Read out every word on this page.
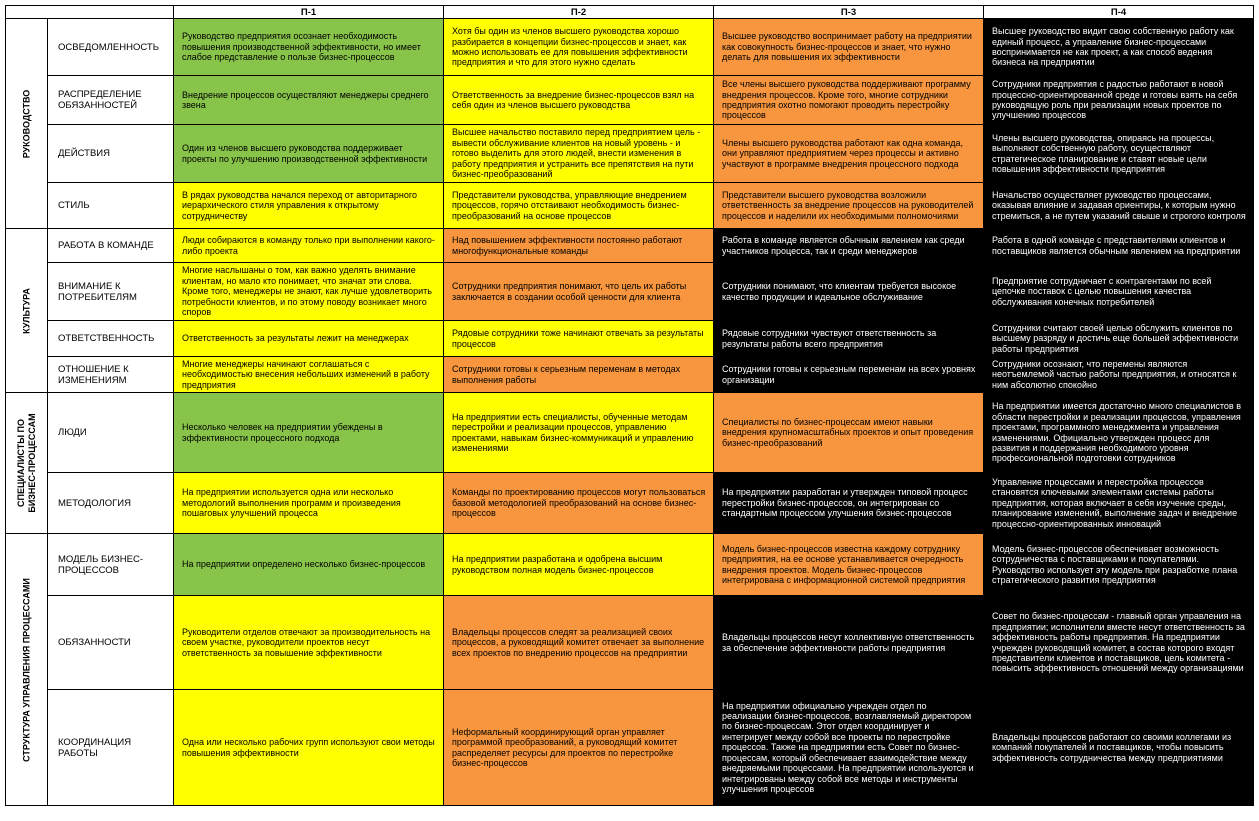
		П-1	П-2	П-3	П-4

РУКОВОДСТВО	ОСВЕДОМЛЕННОСТЬ	Руководство предприятия осознает необходимость повышения производственной эффективности, но имеет слабое представление о пользе бизнес-процессов	Хотя бы один из членов высшего руководства хорошо разбирается в концепции бизнес-процессов и знает, как можно использовать ее для повышения эффективности предприятия и что для этого нужно сделать	Высшее руководство воспринимает работу на предприятии как совокупность бизнес-процессов и знает, что нужно делать для повышения их эффективности	Высшее руководство видит свою собственную работу как единый процесс, а управление бизнес-процессами воспринимается не как проект, а как способ ведения бизнеса на предприятии
	РАСПРЕДЕЛЕНИЕ ОБЯЗАННОСТЕЙ	Внедрение процессов осуществляют менеджеры среднего звена	Ответственность за внедрение бизнес-процессов взял на себя один из членов высшего руководства	Все члены высшего руководства поддерживают программу внедрения процессов. Кроме того, многие сотрудники предприятия охотно помогают проводить перестройку процессов	Сотрудники предприятия с радостью работают в новой процессно-ориентированной среде и готовы взять на себя руководящую роль при реализации новых проектов по улучшению процессов
	ДЕЙСТВИЯ	Один из членов высшего руководства поддерживает проекты по улучшению производственной эффективности	Высшее начальство поставило перед предприятием цель - вывести обслуживание клиентов на новый уровень - и готово выделить для этого людей, внести изменения в работу предприятия и устранить все препятствия на пути бизнес-преобразований	Члены высшего руководства работают как одна команда, они управляют предприятием через процессы и активно участвуют в программе внедрения процессного подхода	Члены высшего руководства, опираясь на процессы, выполняют собственную работу, осуществляют стратегическое планирование и ставят новые цели повышения эффективности предприятия
	СТИЛЬ	В рядах руководства начался переход от авторитарного иерархического стиля управления к открытому сотрудничеству	Представители руководства, управляющие внедрением процессов, горячо отстаивают необходимость бизнес-преобразований на основе процессов	Представители высшего руководства возложили ответственность за внедрение процессов на руководителей процессов и наделили их необходимыми полномочиями	Начальство осуществляет руководство процессами, оказывая влияние и задавая ориентиры, к которым нужно стремиться, а не путем указаний свыше и строгого контроля

КУЛЬТУРА	РАБОТА В КОМАНДЕ	Люди собираются в команду только при выполнении какого-либо проекта	Над повышением эффективности постоянно работают многофункциональные команды	Работа в команде является обычным явлением как среди участников процесса, так и среди менеджеров	Работа в одной команде с представителями клиентов и поставщиков является обычным явлением на предприятии
	ВНИМАНИЕ К ПОТРЕБИТЕЛЯМ	Многие наслышаны о том, как важно уделять внимание клиентам, но мало кто понимает, что значат эти слова. Кроме того, менеджеры не знают, как лучше удовлетворить потребности клиентов, и по этому поводу возникает много споров	Сотрудники предприятия понимают, что цель их работы заключается в создании особой ценности для клиента	Сотрудники понимают, что клиентам требуется высокое качество продукции и идеальное обслуживание	Предприятие сотрудничает с контрагентами по всей цепочке поставок с целью повышения качества обслуживания конечных потребителей
	ОТВЕТСТВЕННОСТЬ	Ответственность за результаты лежит на менеджерах	Рядовые сотрудники тоже начинают отвечать за результаты процессов	Рядовые сотрудники чувствуют ответственность за результаты работы всего предприятия	Сотрудники считают своей целью обслужить клиентов по высшему разряду и достичь еще большей эффективности работы предприятия
	ОТНОШЕНИЕ К ИЗМЕНЕНИЯМ	Многие менеджеры начинают соглашаться с необходимостью внесения небольших изменений в работу предприятия	Сотрудники готовы к серьезным переменам в методах выполнения работы	Сотрудники готовы к серьезным переменам на всех уровнях организации	Сотрудники осознают, что перемены являются неотъемлемой частью работы предприятия, и относятся к ним абсолютно спокойно

СПЕЦИАЛИСТЫ ПО БИЗНЕС-ПРОЦЕССАМ	ЛЮДИ	Несколько человек на предприятии убеждены в эффективности процессного подхода	На предприятии есть специалисты, обученные методам перестройки и реализации процессов, управлению проектами, навыкам бизнес-коммуникаций и управлению изменениями	Специалисты по бизнес-процессам имеют навыки внедрения крупномасштабных проектов и опыт проведения бизнес-преобразований	На предприятии имеется достаточно много специалистов в области перестройки и реализации процессов, управления проектами, программного менеджмента и управления изменениями. Официально утвержден процесс для развития и поддержания необходимого уровня профессиональной подготовки сотрудников
	МЕТОДОЛОГИЯ	На предприятии используется одна или несколько методологий выполнения программ и произведения пошаговых улучшений процесса	Команды по проектированию процессов могут пользоваться базовой методологией преобразований на основе бизнес-процессов	На предприятии разработан и утвержден типовой процесс перестройки бизнес-процессов, он интегрирован со стандартным процессом улучшения бизнес-процессов	Управление процессами и перестройка процессов становятся ключевыми элементами системы работы предприятия, которая включает в себя изучение среды, планирование изменений, выполнение задач и внедрение процессно-ориентированных инноваций

СТРУКТУРА УПРАВЛЕНИЯ ПРОЦЕССАМИ	МОДЕЛЬ БИЗНЕС-ПРОЦЕССОВ	На предприятии определено несколько бизнес-процессов	На предприятии разработана и одобрена высшим руководством полная модель бизнес-процессов	Модель бизнес-процессов известна каждому сотруднику предприятия, на ее основе устанавливается очередность внедрения проектов. Модель бизнес-процессов интегрирована с информационной системой предприятия	Модель бизнес-процессов обеспечивает возможность сотрудничества с поставщиками и покупателями. Руководство использует эту модель при разработке плана стратегического развития предприятия
	ОБЯЗАННОСТИ	Руководители отделов отвечают за производительность на своем участке, руководители проектов несут ответственность за повышение эффективности	Владельцы процессов следят за реализацией своих процессов, а руководящий комитет отвечает за выполнение всех проектов по внедрению процессов на предприятии	Владельцы процессов несут коллективную ответственность за обеспечение эффективности работы предприятия	Совет по бизнес-процессам - главный орган управления на предприятии; исполнители вместе несут ответственность за эффективность работы предприятия. На предприятии учрежден руководящий комитет, в состав которого входят представители клиентов и поставщиков, цель комитета - повысить эффективность отношений между организациями
	КООРДИНАЦИЯ РАБОТЫ	Одна или несколько рабочих групп используют свои методы повышения эффективности	Неформальный координирующий орган управляет программой преобразований, а руководящий комитет распределяет ресурсы для проектов по перестройке бизнес-процессов	На предприятии официально учрежден отдел по реализации бизнес-процессов, возглавляемый директором по бизнес-процессам. Этот отдел координирует и интегрирует между собой все проекты по перестройке процессов. Также на предприятии есть Совет по бизнес-процессам, который обеспечивает взаимодействие между внедряемыми процессами. На предприятии используются и интегрированы между собой все методы и инструменты улучшения процессов	Владельцы процессов работают со своими коллегами из компаний покупателей и поставщиков, чтобы повысить эффективность сотрудничества между предприятиями
